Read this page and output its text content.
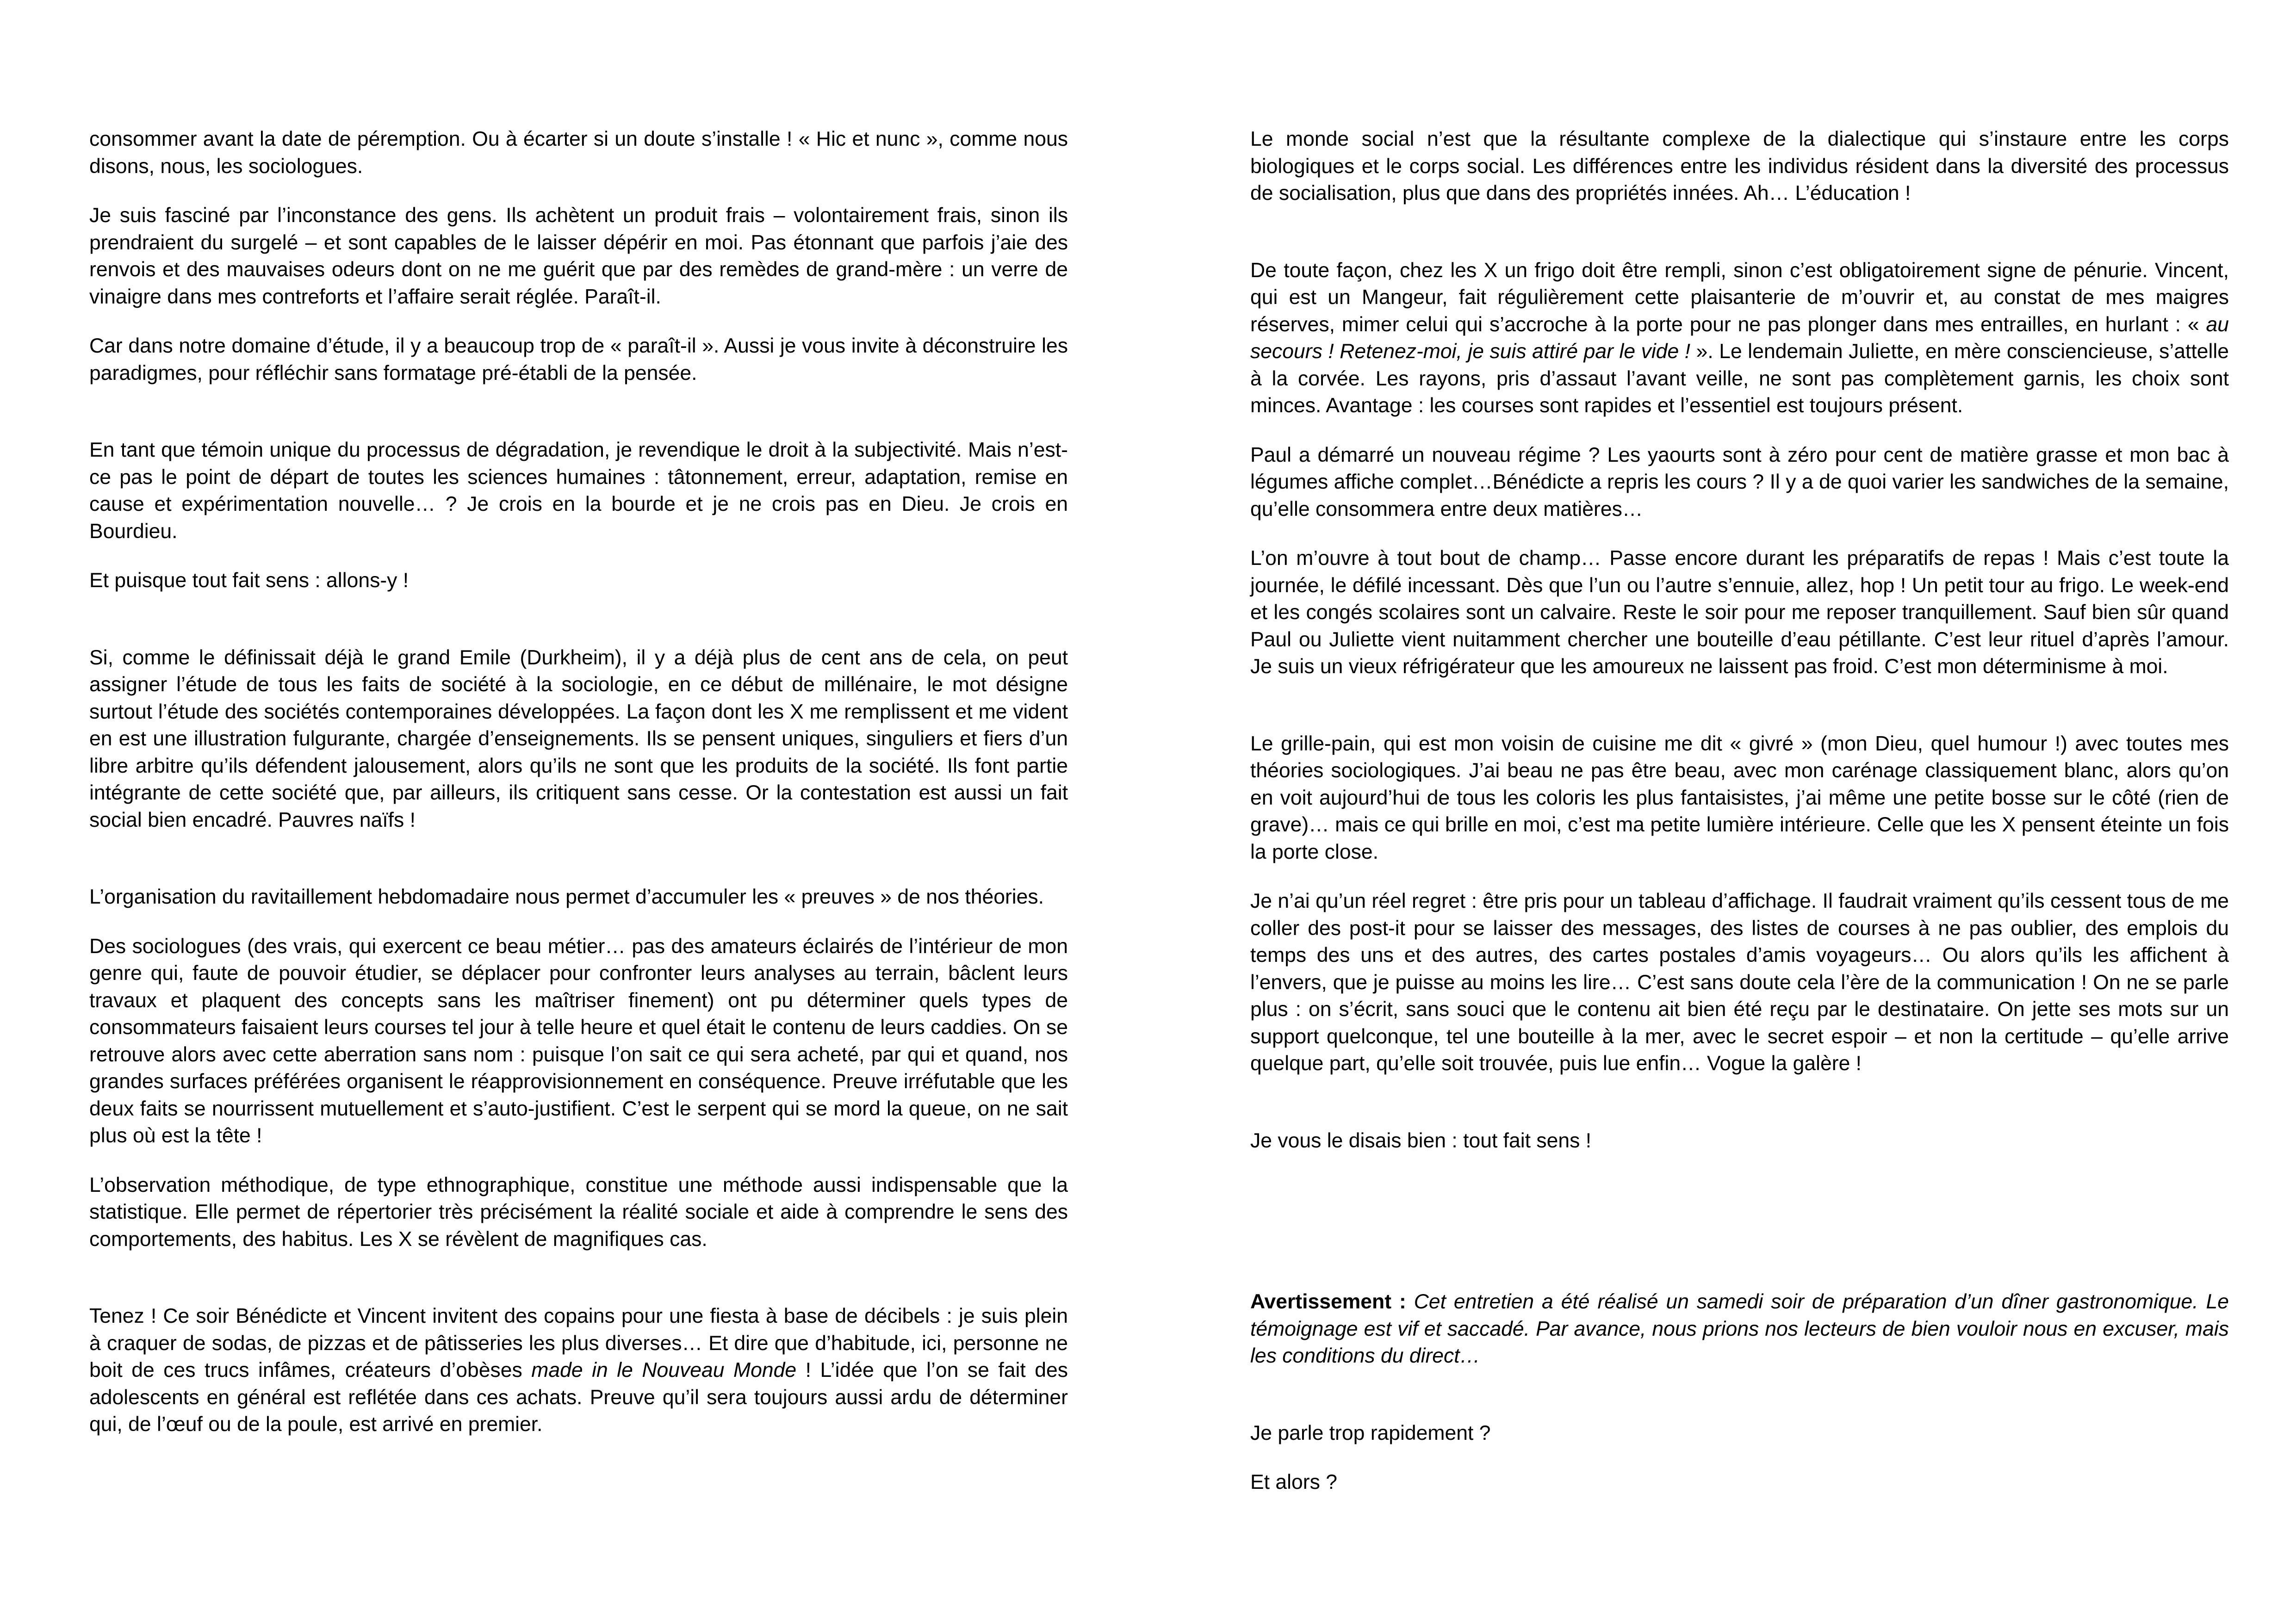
consommer avant la date de péremption. Ou à écarter si un doute s’installe ! « Hic et nunc », comme nous disons, nous, les sociologues.

Je suis fasciné par l’inconstance des gens. Ils achètent un produit frais – volontairement frais, sinon ils prendraient du surgelé – et sont capables de le laisser dépérir en moi. Pas étonnant que parfois j’aie des renvois et des mauvaises odeurs dont on ne me guérit que par des remèdes de grand-mère : un verre de vinaigre dans mes contreforts et l’affaire serait réglée. Paraît-il.

Car dans notre domaine d’étude, il y a beaucoup trop de « paraît-il ». Aussi je vous invite à déconstruire les paradigmes, pour réfléchir sans formatage pré-établi de la pensée.

En tant que témoin unique du processus de dégradation, je revendique le droit à la subjectivité. Mais n’est-ce pas le point de départ de toutes les sciences humaines : tâtonnement, erreur, adaptation, remise en cause et expérimentation nouvelle… ? Je crois en la bourde et je ne crois pas en Dieu. Je crois en Bourdieu.

Et puisque tout fait sens : allons-y !

Si, comme le définissait déjà le grand Emile (Durkheim), il y a déjà plus de cent ans de cela, on peut assigner l’étude de tous les faits de société à la sociologie, en ce début de millénaire, le mot désigne surtout l’étude des sociétés contemporaines développées. La façon dont les X me remplissent et me vident en est une illustration fulgurante, chargée d’enseignements. Ils se pensent uniques, singuliers et fiers d’un libre arbitre qu’ils défendent jalousement, alors qu’ils ne sont que les produits de la société. Ils font partie intégrante de cette société que, par ailleurs, ils critiquent sans cesse. Or la contestation est aussi un fait social bien encadré. Pauvres naïfs !

L’organisation du ravitaillement hebdomadaire nous permet d’accumuler les « preuves » de nos théories.

Des sociologues (des vrais, qui exercent ce beau métier… pas des amateurs éclairés de l’intérieur de mon genre qui, faute de pouvoir étudier, se déplacer pour confronter leurs analyses au terrain, bâclent leurs travaux et plaquent des concepts sans les maîtriser finement) ont pu déterminer quels types de consommateurs faisaient leurs courses tel jour à telle heure et quel était le contenu de leurs caddies. On se retrouve alors avec cette aberration sans nom : puisque l’on sait ce qui sera acheté, par qui et quand, nos grandes surfaces préférées organisent le réapprovisionnement en conséquence. Preuve irréfutable que les deux faits se nourrissent mutuellement et s’auto-justifient. C’est le serpent qui se mord la queue, on ne sait plus où est la tête !

L’observation méthodique, de type ethnographique, constitue une méthode aussi indispensable que la statistique. Elle permet de répertorier très précisément la réalité sociale et aide à comprendre le sens des comportements, des habitus. Les X se révèlent de magnifiques cas.

Tenez ! Ce soir Bénédicte et Vincent invitent des copains pour une fiesta à base de décibels : je suis plein à craquer de sodas, de pizzas et de pâtisseries les plus diverses… Et dire que d’habitude, ici, personne ne boit de ces trucs infâmes, créateurs d’obèses made in le Nouveau Monde ! L’idée que l’on se fait des adolescents en général est reflétée dans ces achats. Preuve qu’il sera toujours aussi ardu de déterminer qui, de l’œuf ou de la poule, est arrivé en premier.

Le monde social n’est que la résultante complexe de la dialectique qui s’instaure entre les corps biologiques et le corps social. Les différences entre les individus résident dans la diversité des processus de socialisation, plus que dans des propriétés innées. Ah… L’éducation !

De toute façon, chez les X un frigo doit être rempli, sinon c’est obligatoirement signe de pénurie. Vincent, qui est un Mangeur, fait régulièrement cette plaisanterie de m’ouvrir et, au constat de mes maigres réserves, mimer celui qui s’accroche à la porte pour ne pas plonger dans mes entrailles, en hurlant : « au secours ! Retenez-moi, je suis attiré par le vide ! ». Le lendemain Juliette, en mère consciencieuse, s’attelle à la corvée. Les rayons, pris d’assaut l’avant veille, ne sont pas complètement garnis, les choix sont minces. Avantage : les courses sont rapides et l’essentiel est toujours présent.

Paul a démarré un nouveau régime ? Les yaourts sont à zéro pour cent de matière grasse et mon bac à légumes affiche complet…Bénédicte a repris les cours ? Il y a de quoi varier les sandwiches de la semaine, qu’elle consommera entre deux matières…

L’on m’ouvre à tout bout de champ… Passe encore durant les préparatifs de repas ! Mais c’est toute la journée, le défilé incessant. Dès que l’un ou l’autre s’ennuie, allez, hop ! Un petit tour au frigo. Le week-end et les congés scolaires sont un calvaire. Reste le soir pour me reposer tranquillement. Sauf bien sûr quand Paul ou Juliette vient nuitamment chercher une bouteille d’eau pétillante. C’est leur rituel d’après l’amour. Je suis un vieux réfrigérateur que les amoureux ne laissent pas froid. C’est mon déterminisme à moi.

Le grille-pain, qui est mon voisin de cuisine me dit « givré » (mon Dieu, quel humour !) avec toutes mes théories sociologiques. J’ai beau ne pas être beau, avec mon carénage classiquement blanc, alors qu’on en voit aujourd’hui de tous les coloris les plus fantaisistes, j’ai même une petite bosse sur le côté (rien de grave)… mais ce qui brille en moi, c’est ma petite lumière intérieure. Celle que les X pensent éteinte un fois la porte close.

Je n’ai qu’un réel regret : être pris pour un tableau d’affichage. Il faudrait vraiment qu’ils cessent tous de me coller des post-it pour se laisser des messages, des listes de courses à ne pas oublier, des emplois du temps des uns et des autres, des cartes postales d’amis voyageurs… Ou alors qu’ils les affichent à l’envers, que je puisse au moins les lire… C’est sans doute cela l’ère de la communication ! On ne se parle plus : on s’écrit, sans souci que le contenu ait bien été reçu par le destinataire. On jette ses mots sur un support quelconque, tel une bouteille à la mer, avec le secret espoir – et non la certitude – qu’elle arrive quelque part, qu’elle soit trouvée, puis lue enfin… Vogue la galère !

Je vous le disais bien : tout fait sens !

Avertissement : Cet entretien a été réalisé un samedi soir de préparation d’un dîner gastronomique. Le témoignage est vif et saccadé. Par avance, nous prions nos lecteurs de bien vouloir nous en excuser, mais les conditions du direct…

Je parle trop rapidement ?

Et alors ?
